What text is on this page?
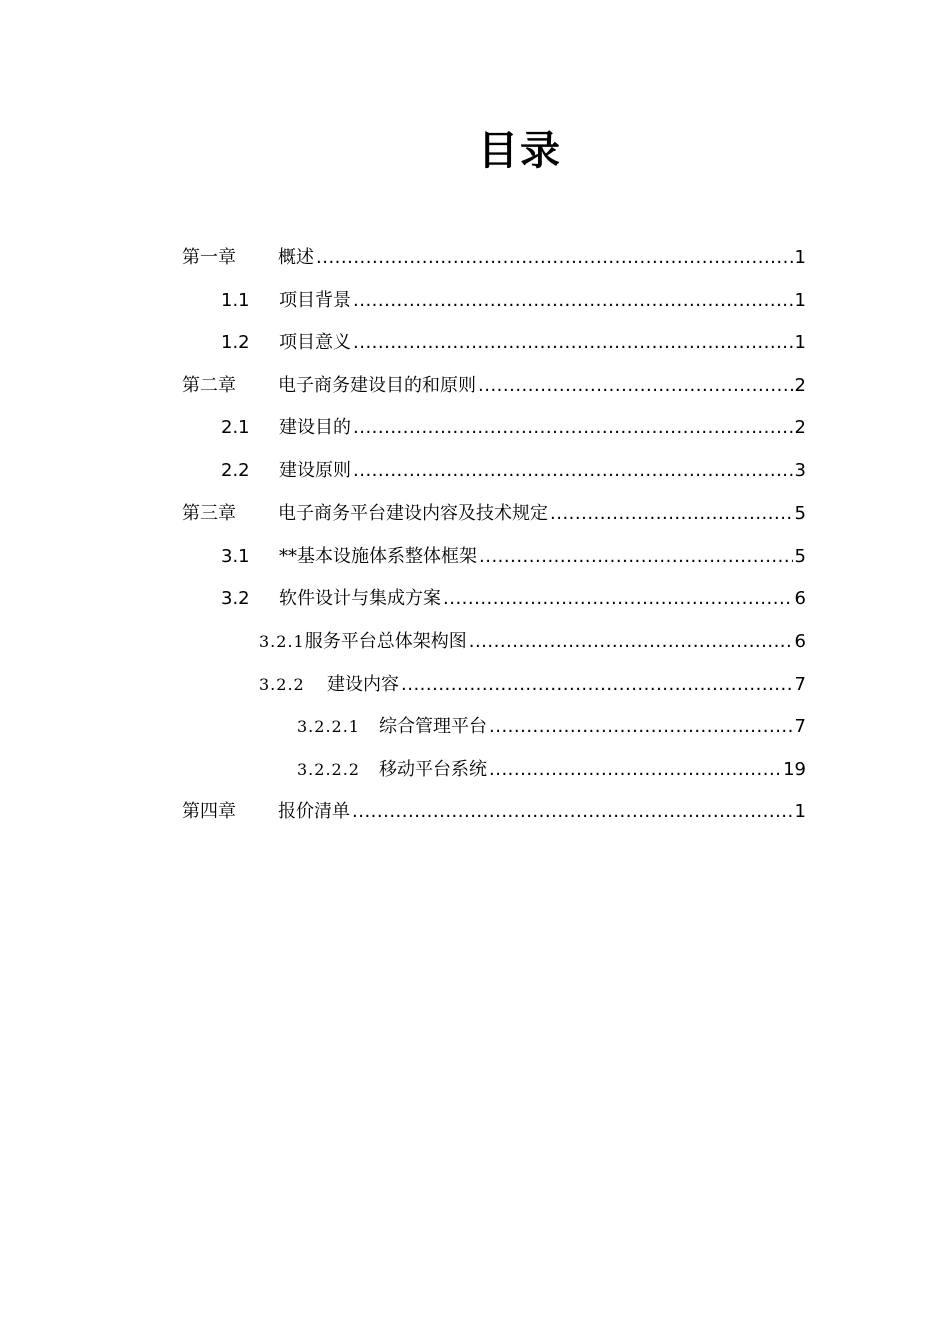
目录
第一章	概述 .....	1
1.1	项目背景 .....	1
1.2	项目意义 .....	1
第二章	电子商务建设目的和原则 .....	2
2.1	建设目的 .....	2
2.2	建设原则 .....	3
第三章	电子商务平台建设内容及技术规定 .....	5
3.1	**基本设施体系整体框架 .....	5
3.2	软件设计与集成方案 .....	6
3.2.1 服务平台总体架构图 .....	6
3.2.2	建设内容 .....	7
3.2.2.1	综合管理平台 .....	7
3.2.2.2	移动平台系统 .....	19
第四章	报价清单 .....	1
